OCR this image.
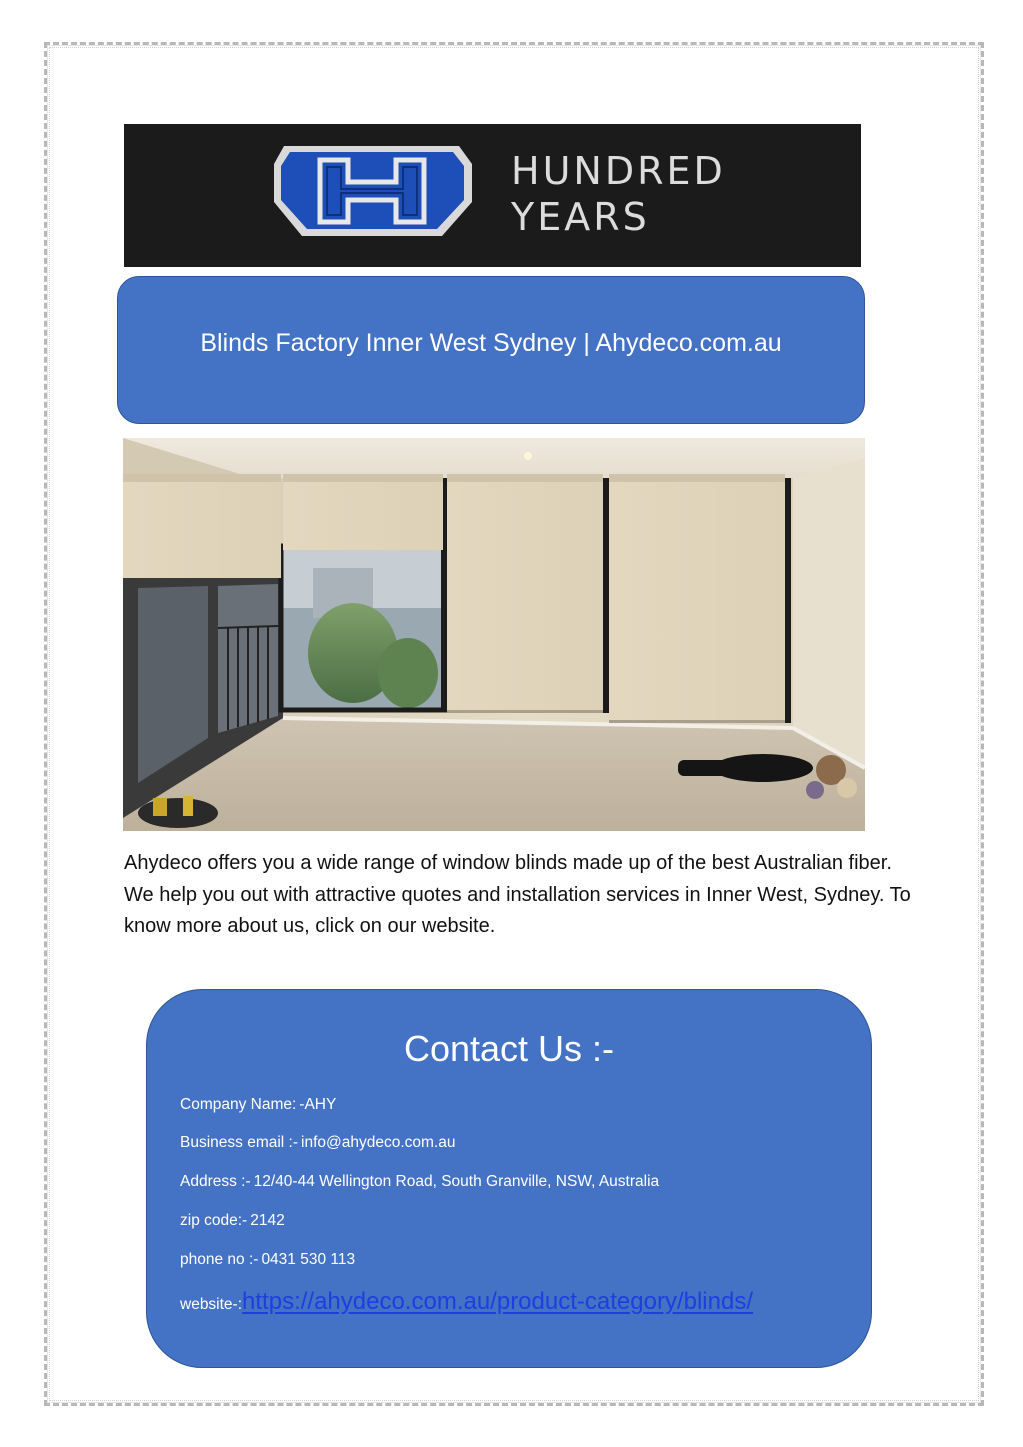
HUNDRED
YEARS
Blinds Factory Inner West Sydney | Ahydeco.com.au

Ahydeco offers you a wide range of window blinds made up of the best Australian fiber. We help you out with attractive quotes and installation services in Inner West, Sydney. To know more about us, click on our website.

Contact Us :-
Company Name: -AHY
Business email :- info@ahydeco.com.au
Address :- 12/40-44 Wellington Road, South Granville, NSW, Australia
zip code:- 2142
phone no :- 0431 530 113
website-:https://ahydeco.com.au/product-category/blinds/
